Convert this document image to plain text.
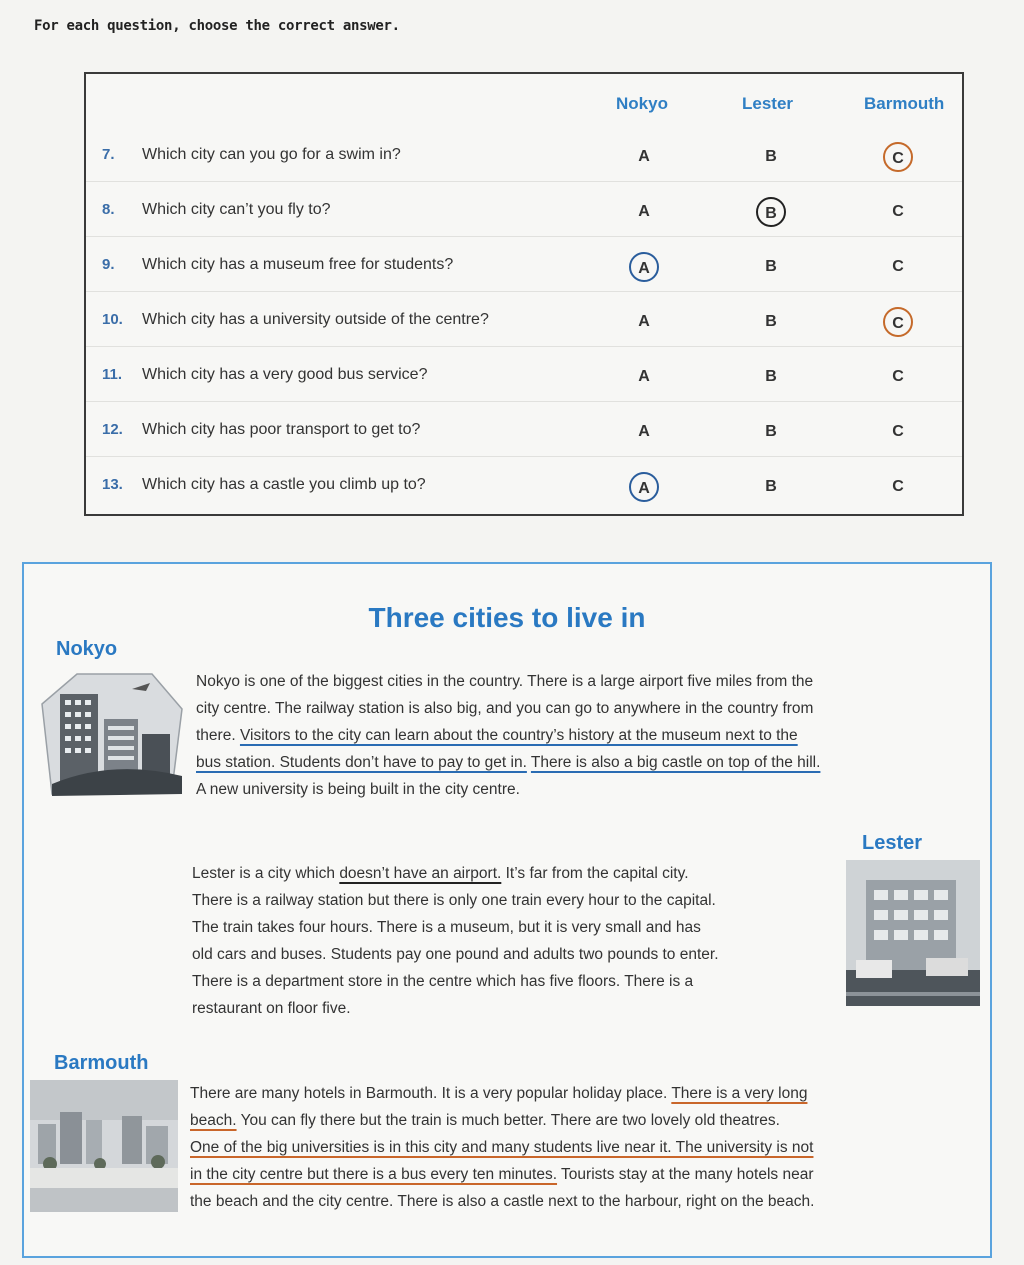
For each question, choose the correct answer.
Nokyo	Lester	Barmouth
7. Which city can you go for a swim in?	A	B	C
8. Which city can’t you fly to?	A	B	C
9. Which city has a museum free for students?	A	B	C
10. Which city has a university outside of the centre?	A	B	C
11. Which city has a very good bus service?	A	B	C
12. Which city has poor transport to get to?	A	B	C
13. Which city has a castle you climb up to?	A	B	C
Three cities to live in
Nokyo
Nokyo is one of the biggest cities in the country. There is a large airport five miles from the
city centre. The railway station is also big, and you can go to anywhere in the country from
there. Visitors to the city can learn about the country’s history at the museum next to the
bus station. Students don’t have to pay to get in. There is also a big castle on top of the hill.
A new university is being built in the city centre.
Lester
Lester is a city which doesn’t have an airport. It’s far from the capital city.
There is a railway station but there is only one train every hour to the capital.
The train takes four hours. There is a museum, but it is very small and has
old cars and buses. Students pay one pound and adults two pounds to enter.
There is a department store in the centre which has five floors. There is a
restaurant on floor five.
Barmouth
There are many hotels in Barmouth. It is a very popular holiday place. There is a very long
beach. You can fly there but the train is much better. There are two lovely old theatres.
One of the big universities is in this city and many students live near it. The university is not
in the city centre but there is a bus every ten minutes. Tourists stay at the many hotels near
the beach and the city centre. There is also a castle next to the harbour, right on the beach.
